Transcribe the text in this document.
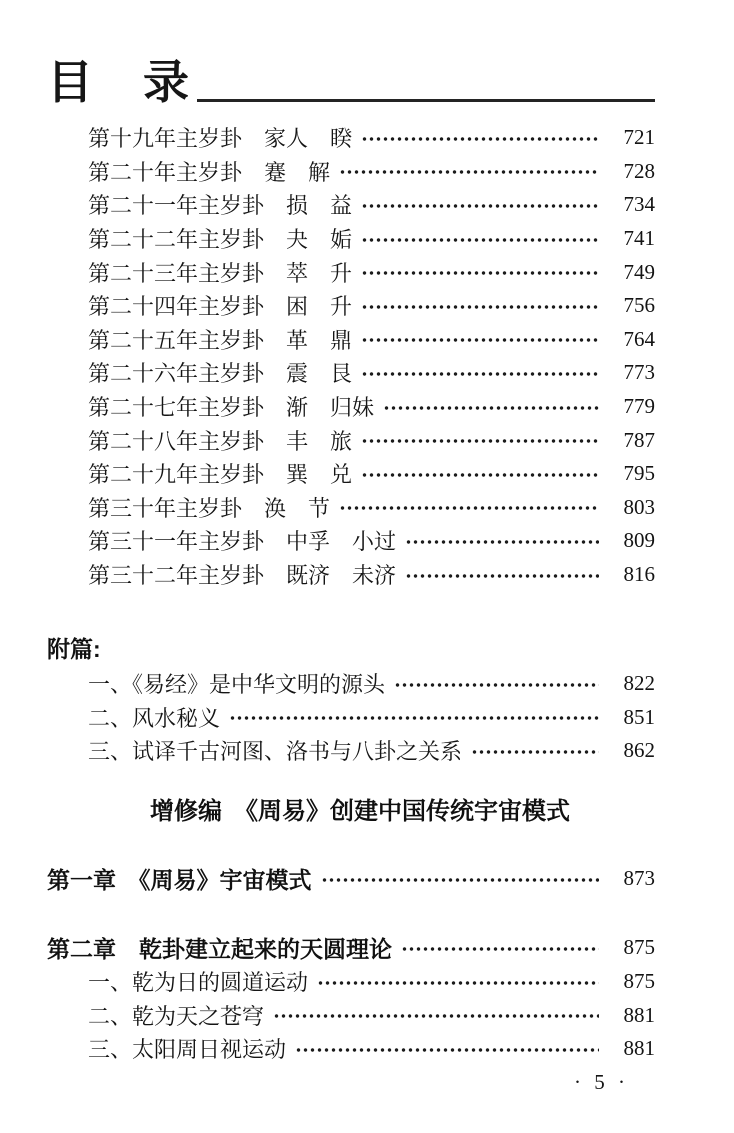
目　录
第十九年主岁卦　家人　睽	721
第二十年主岁卦　蹇　解	728
第二十一年主岁卦　损　益	734
第二十二年主岁卦　夬　姤	741
第二十三年主岁卦　萃　升	749
第二十四年主岁卦　困　升	756
第二十五年主岁卦　革　鼎	764
第二十六年主岁卦　震　艮	773
第二十七年主岁卦　渐　归妹	779
第二十八年主岁卦　丰　旅	787
第二十九年主岁卦　巽　兑	795
第三十年主岁卦　涣　节	803
第三十一年主岁卦　中孚　小过	809
第三十二年主岁卦　既济　未济	816
附篇:
一、《易经》是中华文明的源头	822
二、风水秘义	851
三、试译千古河图、洛书与八卦之关系	862
增修编　《周易》创建中国传统宇宙模式
第一章　《周易》宇宙模式	873
第二章　乾卦建立起来的天圆理论	875
一、乾为日的圆道运动	875
二、乾为天之苍穹	881
三、太阳周日视运动	881
· 5 ·
